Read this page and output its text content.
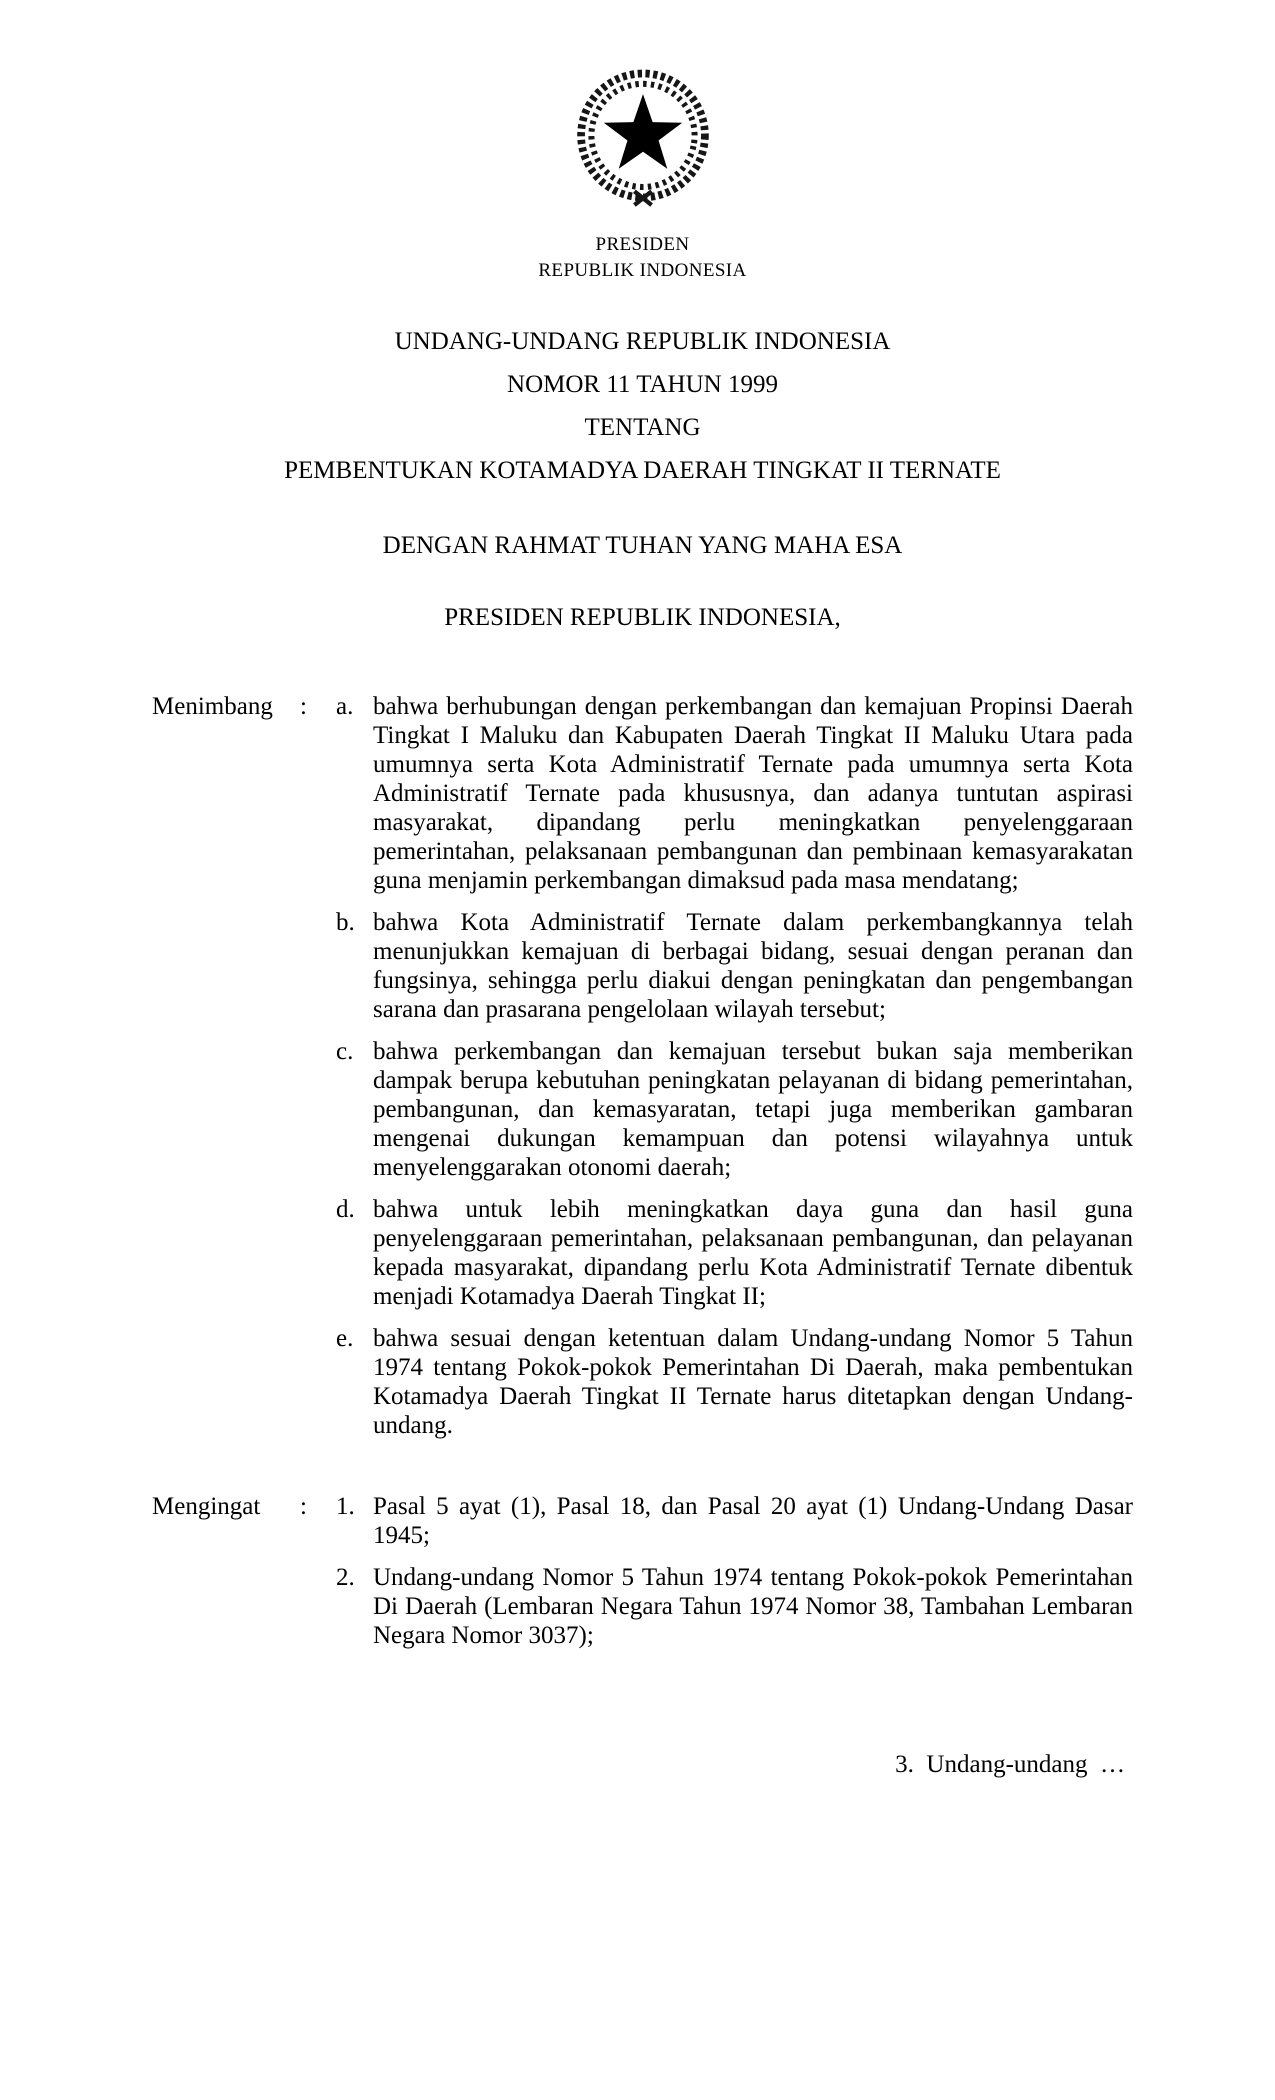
PRESIDEN
REPUBLIK INDONESIA
UNDANG-UNDANG REPUBLIK INDONESIA
NOMOR 11 TAHUN 1999
TENTANG
PEMBENTUKAN KOTAMADYA DAERAH TINGKAT II TERNATE
DENGAN RAHMAT TUHAN YANG MAHA ESA
PRESIDEN REPUBLIK INDONESIA,
Menimbang	:	a. bahwa berhubungan dengan perkembangan dan kemajuan Propinsi Daerah Tingkat I Maluku dan Kabupaten Daerah Tingkat II Maluku Utara pada umumnya serta Kota Administratif Ternate pada umumnya serta Kota Administratif Ternate pada khususnya, dan adanya tuntutan aspirasi masyarakat, dipandang perlu meningkatkan penyelenggaraan pemerintahan, pelaksanaan pembangunan dan pembinaan kemasyarakatan guna menjamin perkembangan dimaksud pada masa mendatang;

b. bahwa Kota Administratif Ternate dalam perkembangkannya telah menunjukkan kemajuan di berbagai bidang, sesuai dengan peranan dan fungsinya, sehingga perlu diakui dengan peningkatan dan pengembangan sarana dan prasarana pengelolaan wilayah tersebut;

c. bahwa perkembangan dan kemajuan tersebut bukan saja memberikan dampak berupa kebutuhan peningkatan pelayanan di bidang pemerintahan, pembangunan, dan kemasyaratan, tetapi juga memberikan gambaran mengenai dukungan kemampuan dan potensi wilayahnya untuk menyelenggarakan otonomi daerah;

d. bahwa untuk lebih meningkatkan daya guna dan hasil guna penyelenggaraan pemerintahan, pelaksanaan pembangunan, dan pelayanan kepada masyarakat, dipandang perlu Kota Administratif Ternate dibentuk menjadi Kotamadya Daerah Tingkat II;

e. bahwa sesuai dengan ketentuan dalam Undang-undang Nomor 5 Tahun 1974 tentang Pokok-pokok Pemerintahan Di Daerah, maka pembentukan Kotamadya Daerah Tingkat II Ternate harus ditetapkan dengan Undang-undang.

Mengingat	:	1. Pasal 5 ayat (1), Pasal 18, dan Pasal 20 ayat (1) Undang-Undang Dasar 1945;

2. Undang-undang Nomor 5 Tahun 1974 tentang Pokok-pokok Pemerintahan Di Daerah (Lembaran Negara Tahun 1974 Nomor 38, Tambahan Lembaran Negara Nomor 3037);

3.  Undang-undang  …
